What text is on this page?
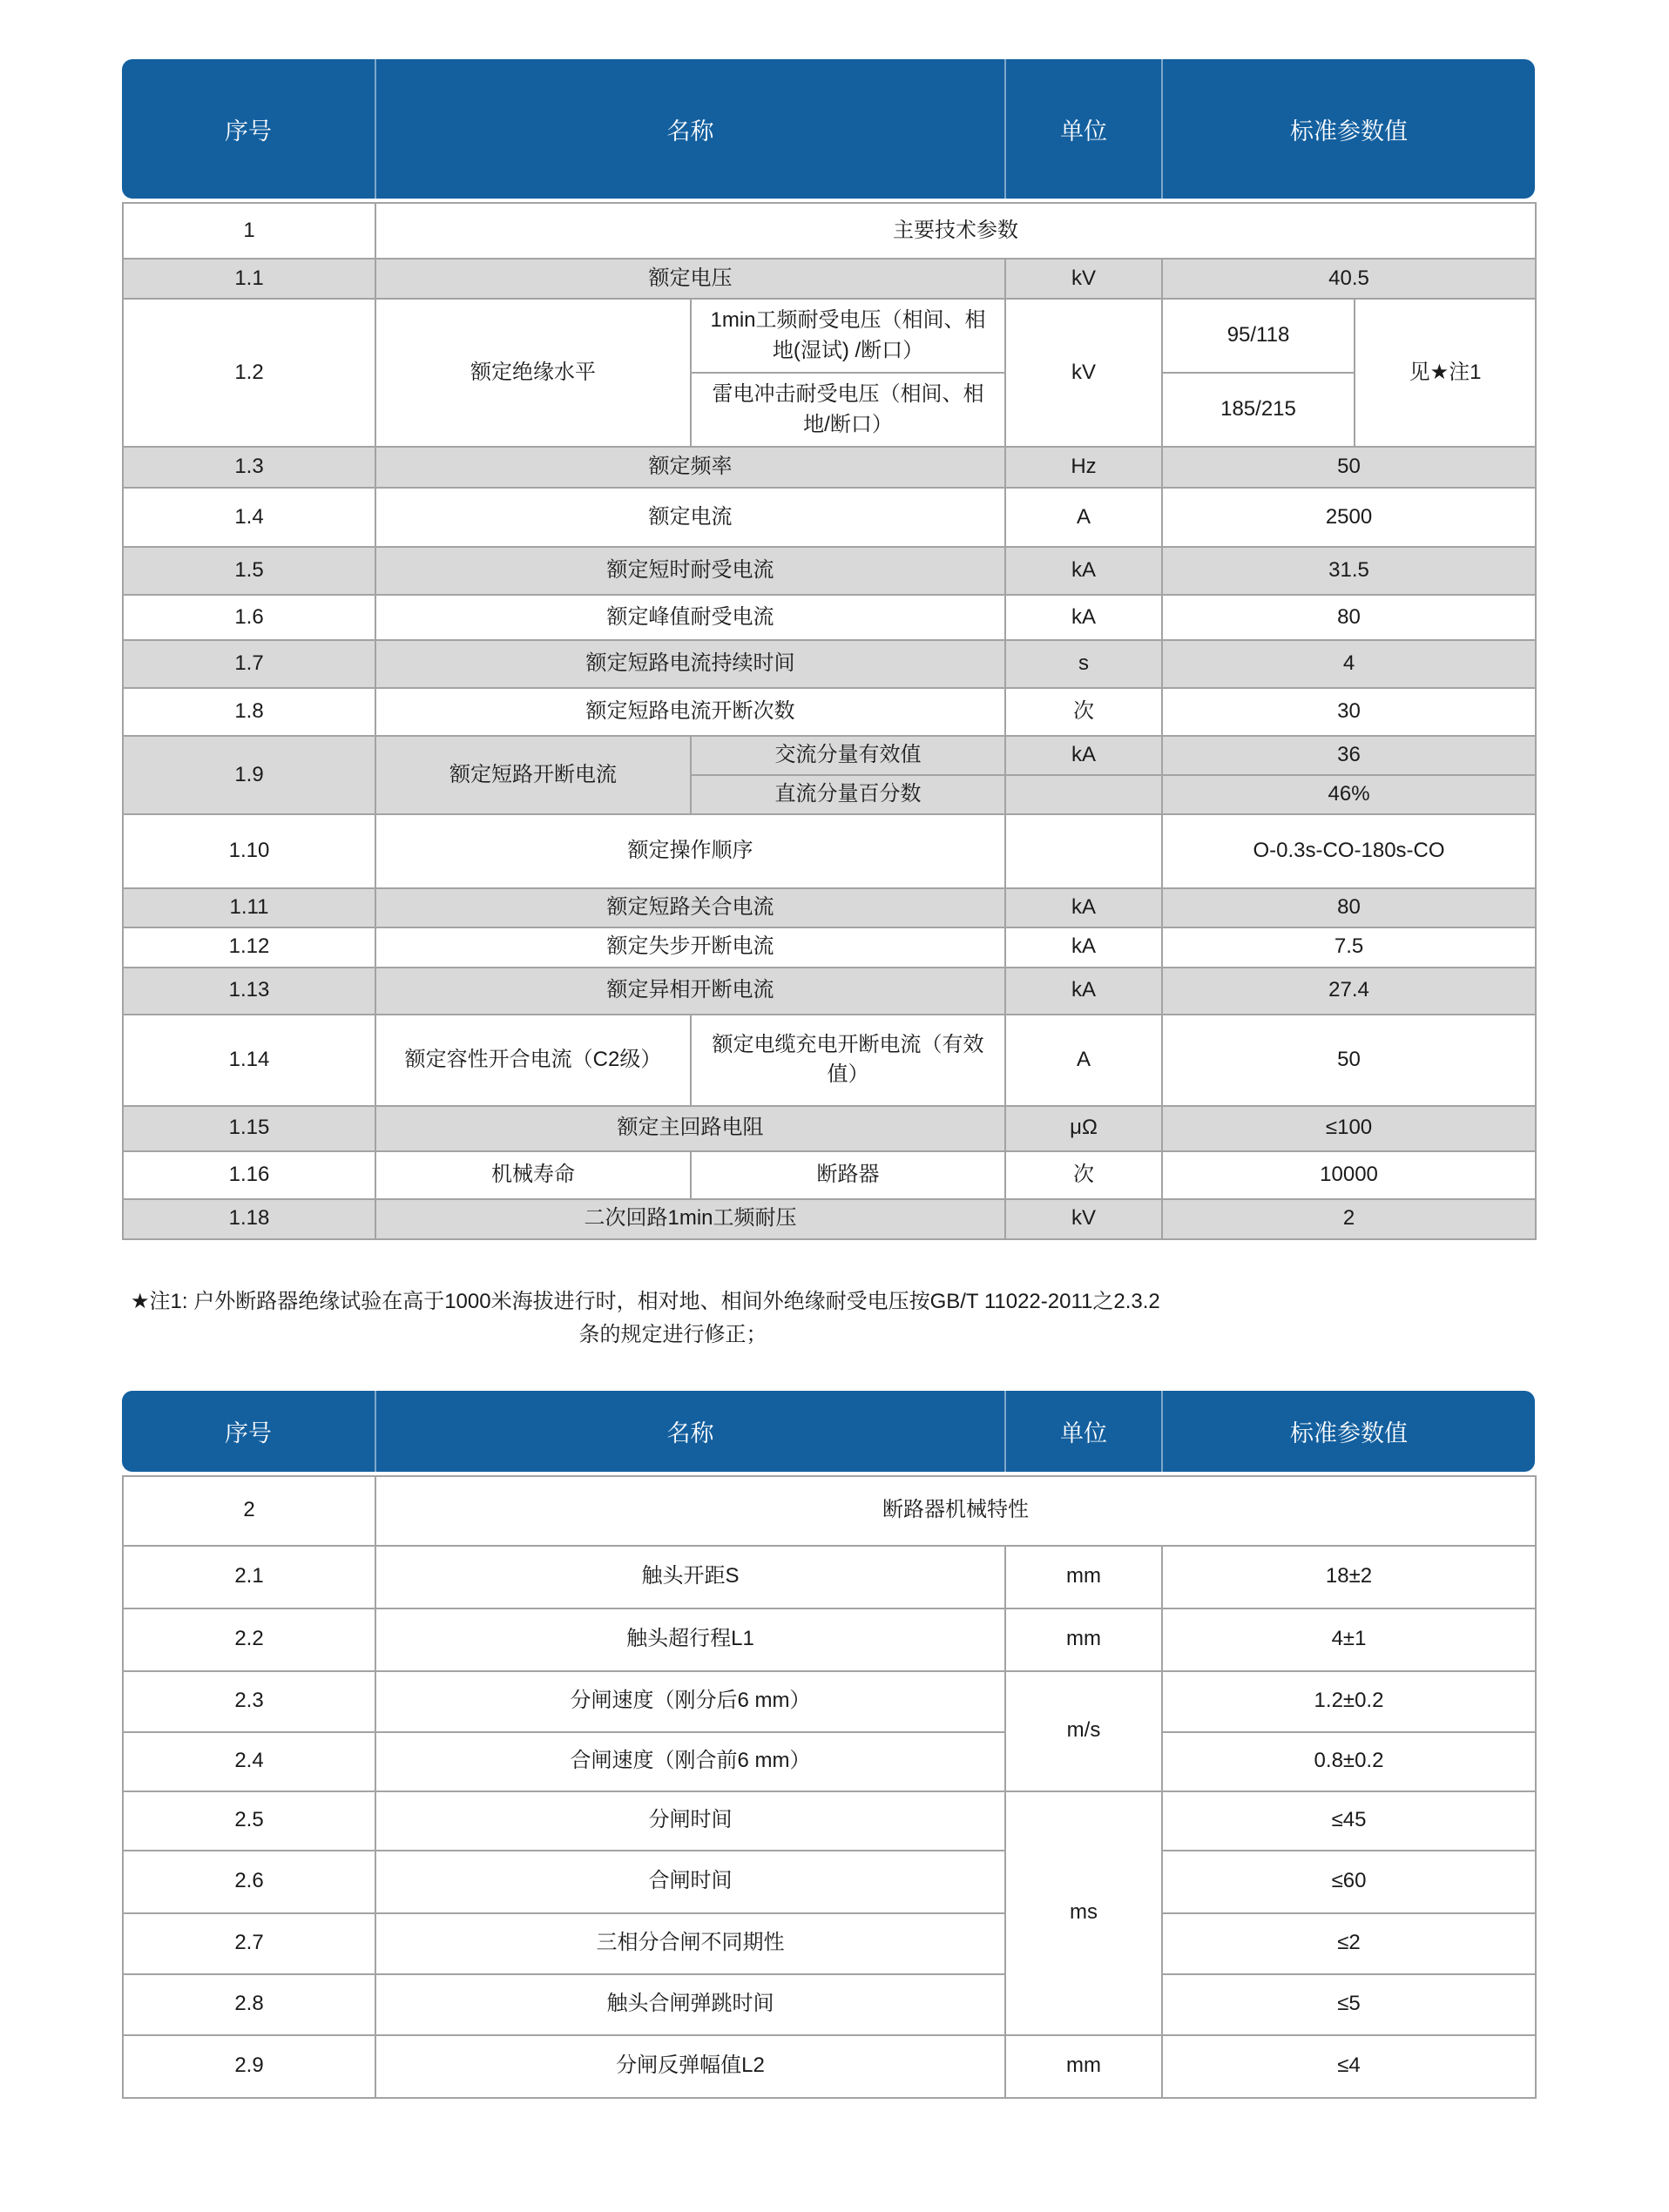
序号	名称	单位	标准参数值
1	主要技术参数				
1.1	额定电压		kV	40.5	
1.2	额定绝缘水平	1min工频耐受电压（相间、相地(湿试) /断口）	kV	95/118	见★注1
		雷电冲击耐受电压（相间、相地/断口）		185/215	
1.3	额定频率		Hz	50	
1.4	额定电流		A	2500	
1.5	额定短时耐受电流		kA	31.5	
1.6	额定峰值耐受电流		kA	80	
1.7	额定短路电流持续时间		s	4	
1.8	额定短路电流开断次数		次	30	
1.9	额定短路开断电流	交流分量有效值	kA	36	
		直流分量百分数		46%	
1.10	额定操作顺序			O-0.3s-CO-180s-CO	
1.11	额定短路关合电流		kA	80	
1.12	额定失步开断电流		kA	7.5	
1.13	额定异相开断电流		kA	27.4	
1.14	额定容性开合电流（C2级）	额定电缆充电开断电流（有效值）	A	50	
1.15	额定主回路电阻		μΩ	≤100	
1.16	机械寿命	断路器	次	10000	
1.18	二次回路1min工频耐压		kV	2	
★注1: 户外断路器绝缘试验在高于1000米海拔进行时，相对地、相间外绝缘耐受电压按GB/T 11022-2011之2.3.2
条的规定进行修正；
序号	名称	单位	标准参数值
2	断路器机械特性		
2.1	触头开距S	mm	18±2
2.2	触头超行程L1	mm	4±1
2.3	分闸速度（刚分后6 mm）	m/s	1.2±0.2
2.4	合闸速度（刚合前6 mm）		0.8±0.2
2.5	分闸时间	ms	≤45
2.6	合闸时间		≤60
2.7	三相分合闸不同期性		≤2
2.8	触头合闸弹跳时间		≤5
2.9	分闸反弹幅值L2	mm	≤4
